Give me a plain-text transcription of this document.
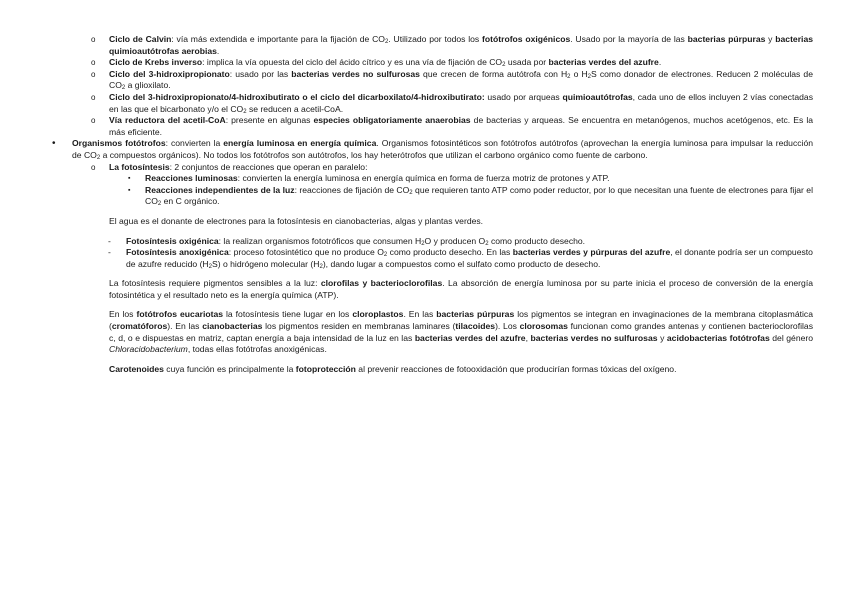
o Ciclo de Calvin: vía más extendida e importante para la fijación de $CO_2$. Utilizado por todos los fotótrofos oxigénicos. Usado por la mayoría de las bacterias púrpuras y bacterias quimioautótrofas aerobias.
o Ciclo de Krebs inverso: implica la vía opuesta del ciclo del ácido cítrico y es una vía de fijación de $CO_2$ usada por bacterias verdes del azufre.
o Ciclo del 3-hidroxipropionato: usado por las bacterias verdes no sulfurosas que crecen de forma autótrofa con $H_2$ o $H_2S$ como donador de electrones. Reducen 2 moléculas de $CO_2$ a glioxilato.
o Ciclo del 3-hidroxipropionato/4-hidroxibutirato o el ciclo del dicarboxilato/4-hidroxibutirato: usado por arqueas quimioautótrofas, cada uno de ellos incluyen 2 vías conectadas en las que el bicarbonato y/o el $CO_2$ se reducen a acetil-CoA.
o Vía reductora del acetil-CoA: presente en algunas especies obligatoriamente anaerobias de bacterias y arqueas. Se encuentra en metanógenos, muchos acetógenos, etc. Es la más eficiente.
• Organismos fotótrofos: convierten la energía luminosa en energía química. Organismos fotosintéticos son fotótrofos autótrofos (aprovechan la energía luminosa para impulsar la reducción de $CO_2$ a compuestos orgánicos). No todos los fotótrofos son autótrofos, los hay heterótrofos que utilizan el carbono orgánico como fuente de carbono.
o La fotosíntesis: 2 conjuntos de reacciones que operan en paralelo:
▪ Reacciones luminosas: convierten la energía luminosa en energía química en forma de fuerza motriz de protones y ATP.
▪ Reacciones independientes de la luz: reacciones de fijación de $CO_2$ que requieren tanto ATP como poder reductor, por lo que necesitan una fuente de electrones para fijar el $CO_2$ en C orgánico.
El agua es el donante de electrones para la fotosíntesis en cianobacterias, algas y plantas verdes.
- Fotosíntesis oxigénica: la realizan organismos fototróficos que consumen $H_2O$ y producen $O_2$ como producto desecho.
- Fotosíntesis anoxigénica: proceso fotosintético que no produce $O_2$ como producto desecho. En las bacterias verdes y púrpuras del azufre, el donante podría ser un compuesto de azufre reducido $(H_2S)$ o hidrógeno molecular $(H_2)$, dando lugar a compuestos como el sulfato como producto de desecho.
La fotosíntesis requiere pigmentos sensibles a la luz: clorofilas y bacterioclorofilas. La absorción de energía luminosa por su parte inicia el proceso de conversión de la energía fotosintética y el resultado neto es la energía química (ATP).
En los fotótrofos eucariotas la fotosíntesis tiene lugar en los cloroplastos. En las bacterias púrpuras los pigmentos se integran en invaginaciones de la membrana citoplasmática (cromatóforos). En las cianobacterias los pigmentos residen en membranas laminares (tilacoides). Los clorosomas funcionan como grandes antenas y contienen bacterioclorofilas c, d, o e dispuestas en matriz, captan energía a baja intensidad de la luz en las bacterias verdes del azufre, bacterias verdes no sulfurosas y acidobacterias fotótrofas del género Chloracidobacterium, todas ellas fotótrofas anoxigénicas.
Carotenoides cuya función es principalmente la fotoprotección al prevenir reacciones de fotooxidación que producirían formas tóxicas del oxígeno.
